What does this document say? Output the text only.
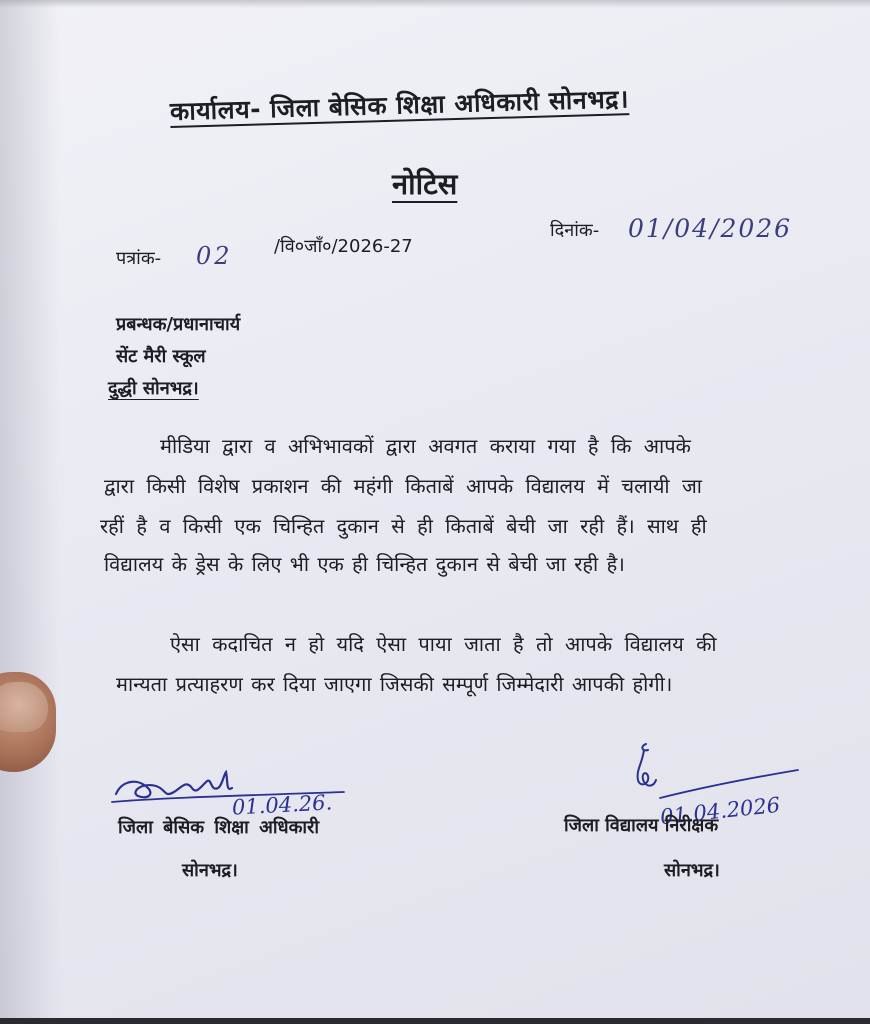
कार्यालय- जिला बेसिक शिक्षा अधिकारी सोनभद्र।

नोटिस

पत्रांक- 02 /वि०जाँ०/2026-27

दिनांक- 01/04/2026

प्रबन्धक/प्रधानाचार्य

सेंट मैरी स्कूल

दुद्धी सोनभद्र।

मीडिया द्वारा व अभिभावकों द्वारा अवगत कराया गया है कि आपके

द्वारा किसी विशेष प्रकाशन की महंगी किताबें आपके विद्यालय में चलायी जा

रहीं है व किसी एक चिन्हित दुकान से ही किताबें बेची जा रही हैं। साथ ही

विद्यालय के ड्रेस के लिए भी एक ही चिन्हित दुकान से बेची जा रही है।

ऐसा कदाचित न हो यदि ऐसा पाया जाता है तो आपके विद्यालय की

मान्यता प्रत्याहरण कर दिया जाएगा जिसकी सम्पूर्ण जिम्मेदारी आपकी होगी।

01.04.26.	01.04.2026

जिला बेसिक शिक्षा अधिकारी

सोनभद्र।

जिला विद्यालय निरीक्षक

सोनभद्र।
